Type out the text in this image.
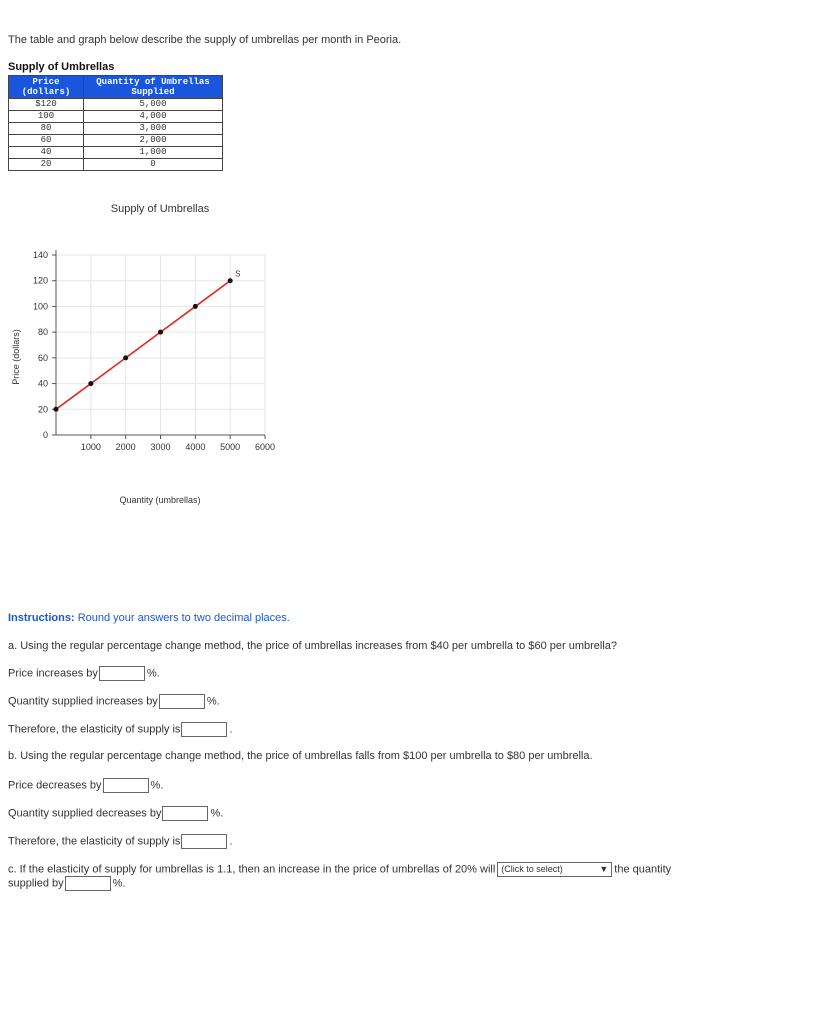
The table and graph below describe the supply of umbrellas per month in Peoria.
Supply of Umbrellas
Price (dollars)	Quantity of Umbrellas Supplied
$120	5,000
100	4,000
80	3,000
60	2,000
40	1,000
20	0
Supply of Umbrellas
Price (dollars)
Quantity (umbrellas)
1000 2000 3000 4000 5000 6000
0
20
40
60
80
100
120
140
S
Instructions: Round your answers to two decimal places.
a. Using the regular percentage change method, the price of umbrellas increases from $40 per umbrella to $60 per umbrella?
Price increases by	%.
Quantity supplied increases by	%.
Therefore, the elasticity of supply is	.
b. Using the regular percentage change method, the price of umbrellas falls from $100 per umbrella to $80 per umbrella.
Price decreases by	%.
Quantity supplied decreases by	%.
Therefore, the elasticity of supply is	.
c. If the elasticity of supply for umbrellas is 1.1, then an increase in the price of umbrellas of 20% will (Click to select)	▼ the quantity
supplied by	%.
